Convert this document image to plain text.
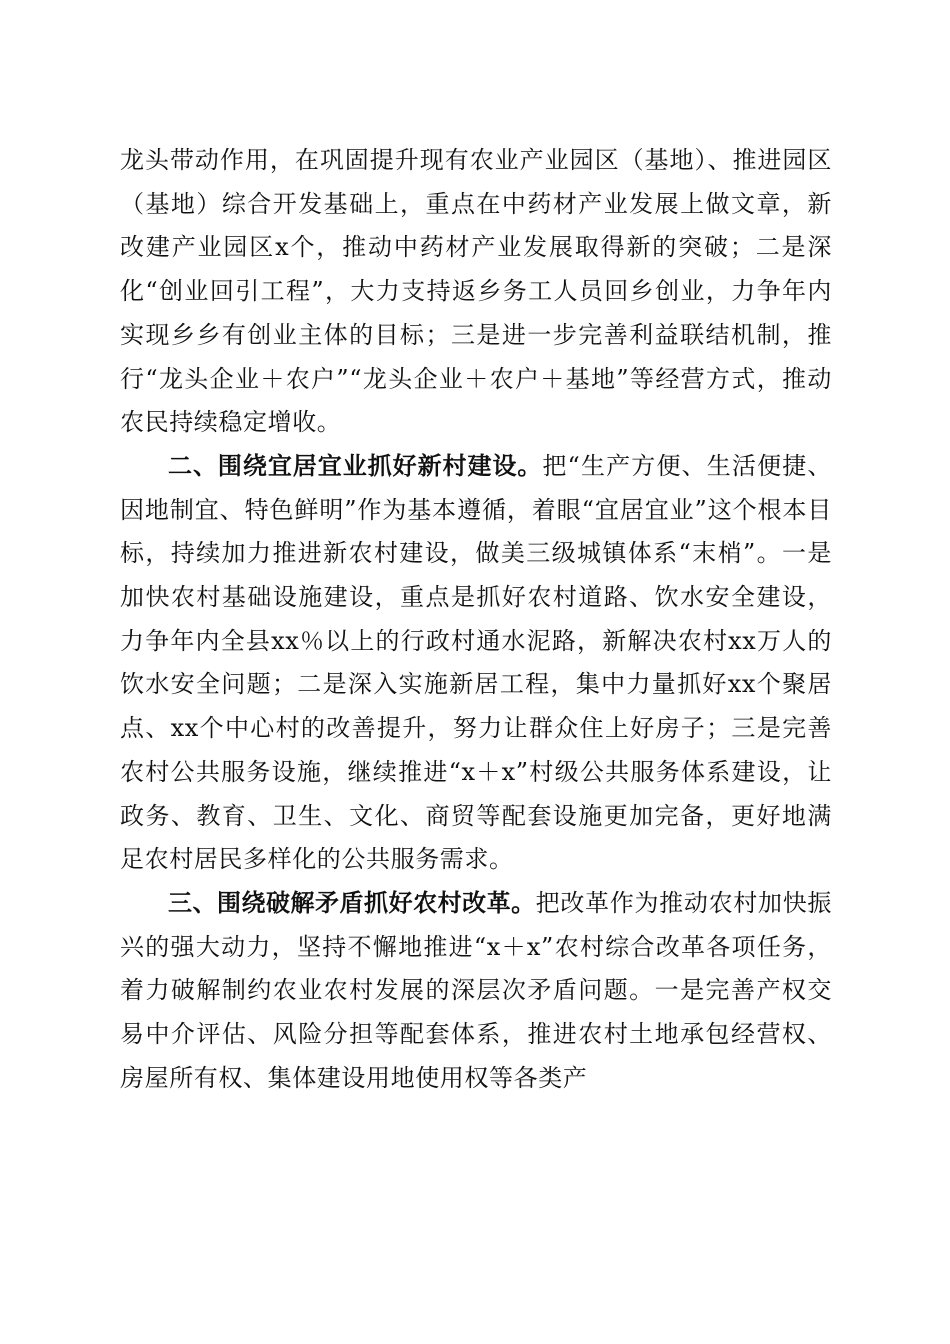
龙头带动作用，在巩固提升现有农业产业园区（基地）、推进园区（基地）综合开发基础上，重点在中药材产业发展上做文章，新改建产业园区x个，推动中药材产业发展取得新的突破；二是深化“创业回引工程”，大力支持返乡务工人员回乡创业，力争年内实现乡乡有创业主体的目标；三是进一步完善利益联结机制，推行“龙头企业＋农户”“龙头企业＋农户＋基地”等经营方式，推动农民持续稳定增收。

二、围绕宜居宜业抓好新村建设。把“生产方便、生活便捷、因地制宜、特色鲜明”作为基本遵循，着眼“宜居宜业”这个根本目标，持续加力推进新农村建设，做美三级城镇体系“末梢”。一是加快农村基础设施建设，重点是抓好农村道路、饮水安全建设，力争年内全县xx％以上的行政村通水泥路，新解决农村xx万人的饮水安全问题；二是深入实施新居工程，集中力量抓好xx个聚居点、xx个中心村的改善提升，努力让群众住上好房子；三是完善农村公共服务设施，继续推进“x＋x”村级公共服务体系建设，让政务、教育、卫生、文化、商贸等配套设施更加完备，更好地满足农村居民多样化的公共服务需求。

三、围绕破解矛盾抓好农村改革。把改革作为推动农村加快振兴的强大动力，坚持不懈地推进“x＋x”农村综合改革各项任务，着力破解制约农业农村发展的深层次矛盾问题。一是完善产权交易中介评估、风险分担等配套体系，推进农村土地承包经营权、房屋所有权、集体建设用地使用权等各类产
